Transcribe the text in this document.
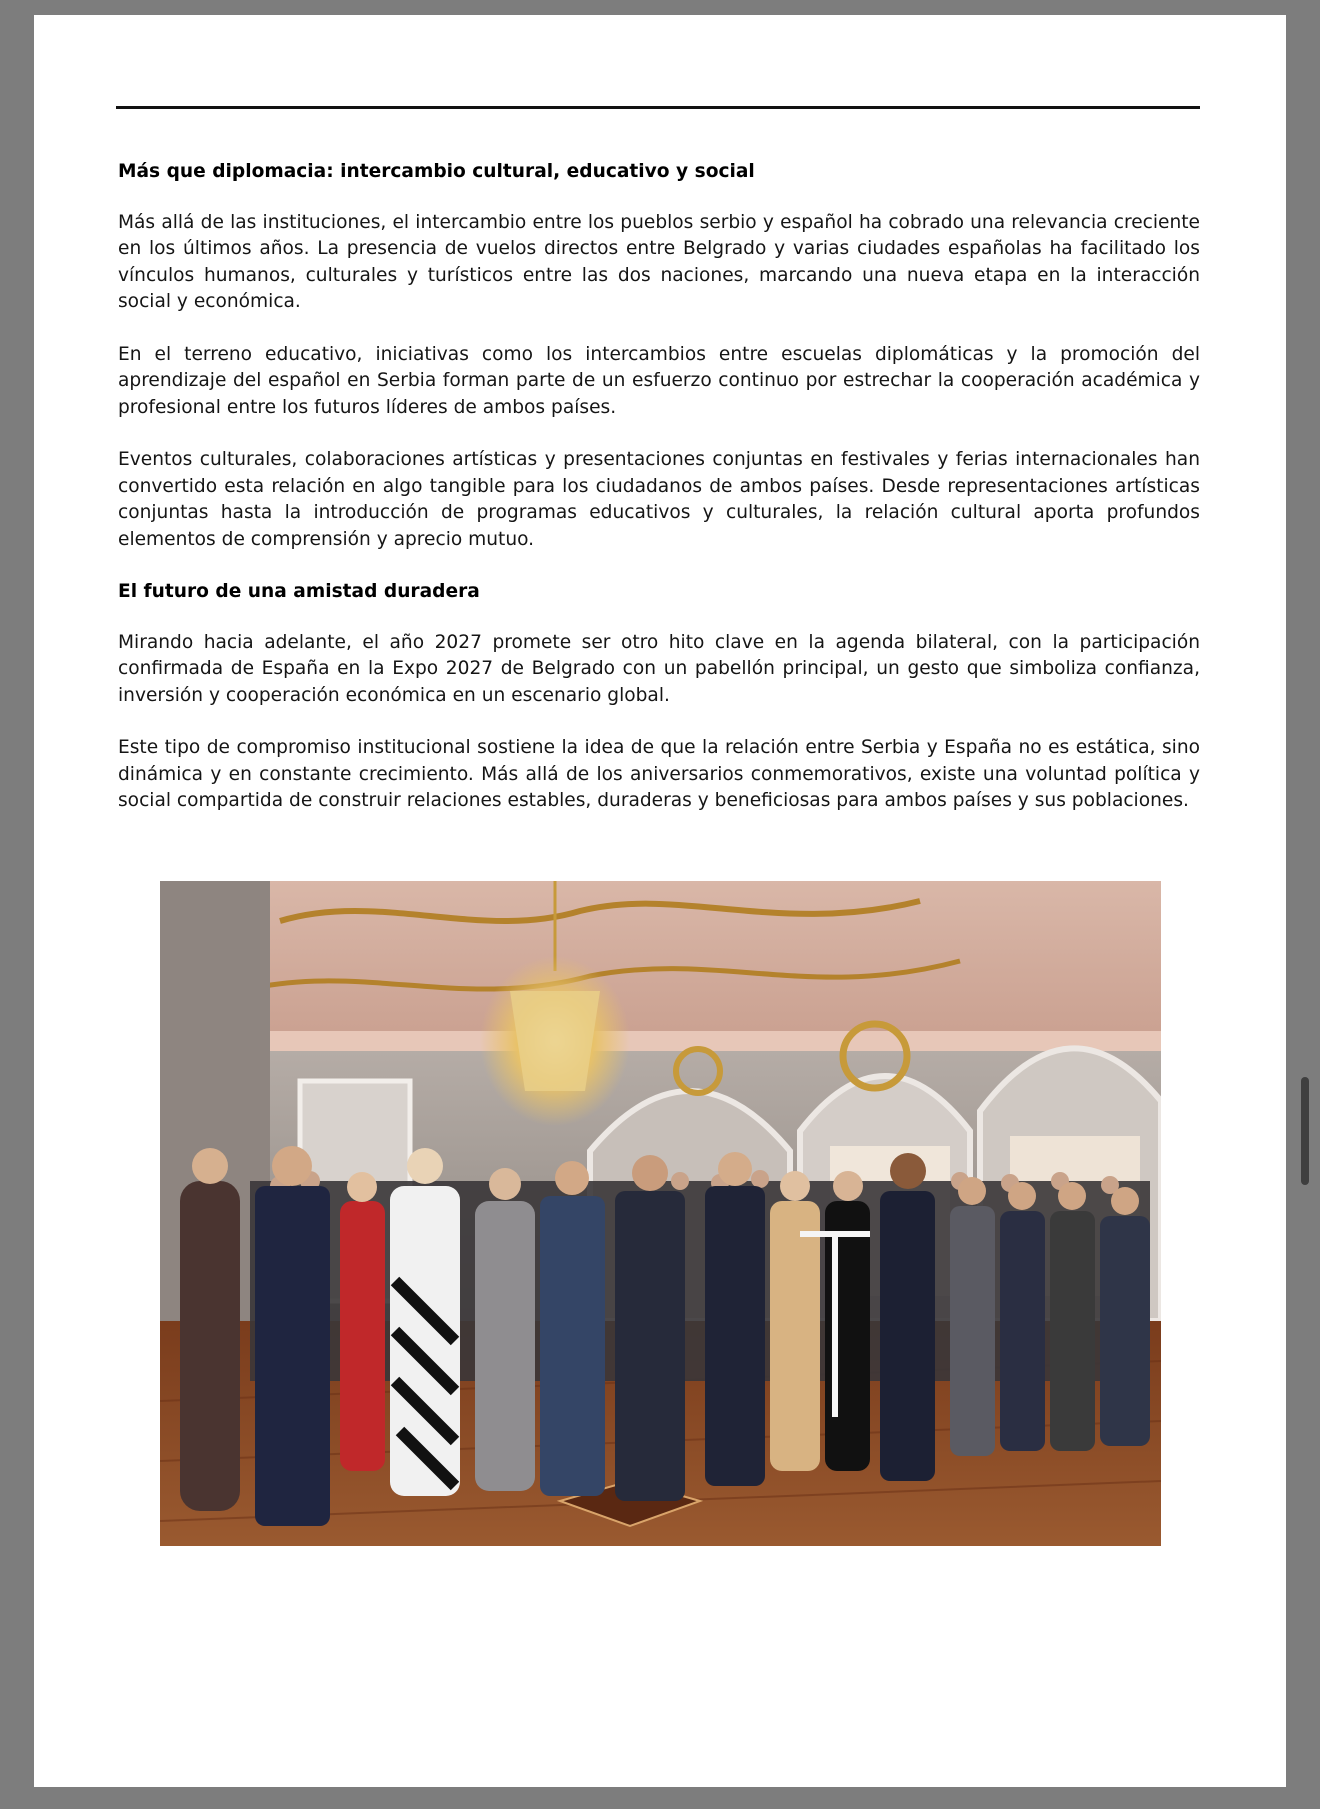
Más que diplomacia: intercambio cultural, educativo y social

Más allá de las instituciones, el intercambio entre los pueblos serbio y español ha cobrado una relevancia creciente en los últimos años. La presencia de vuelos directos entre Belgrado y varias ciudades españolas ha facilitado los vínculos humanos, culturales y turísticos entre las dos naciones, marcando una nueva etapa en la interacción social y económica.

En el terreno educativo, iniciativas como los intercambios entre escuelas diplomáticas y la promoción del aprendizaje del español en Serbia forman parte de un esfuerzo continuo por estrechar la cooperación académica y profesional entre los futuros líderes de ambos países.

Eventos culturales, colaboraciones artísticas y presentaciones conjuntas en festivales y ferias internacionales han convertido esta relación en algo tangible para los ciudadanos de ambos países. Desde representaciones artísticas conjuntas hasta la introducción de programas educativos y culturales, la relación cultural aporta profundos elementos de comprensión y aprecio mutuo.

El futuro de una amistad duradera

Mirando hacia adelante, el año 2027 promete ser otro hito clave en la agenda bilateral, con la participación confirmada de España en la Expo 2027 de Belgrado con un pabellón principal, un gesto que simboliza confianza, inversión y cooperación económica en un escenario global.

Este tipo de compromiso institucional sostiene la idea de que la relación entre Serbia y España no es estática, sino dinámica y en constante crecimiento. Más allá de los aniversarios conmemorativos, existe una voluntad política y social compartida de construir relaciones estables, duraderas y beneficiosas para ambos países y sus poblaciones.
